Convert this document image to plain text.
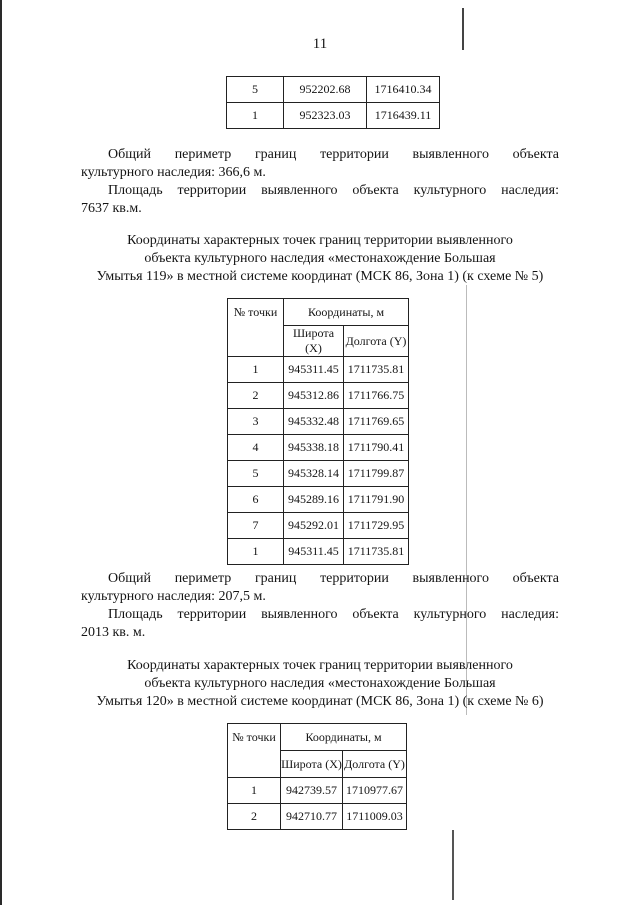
11
5	952202.68	1716410.34
1	952323.03	1716439.11

Общий периметр границ территории выявленного объекта

культурного наследия: 366,6 м.

Площадь территории выявленного объекта культурного наследия:

7637 кв.м.

Координаты характерных точек границ территории выявленного
объекта культурного наследия «местонахождение Большая
Умытья 119» в местной системе координат (МСК 86, Зона 1) (к схеме № 5)
№ точки	Координаты, м	
	Широта (X)	Долгота (Y)
1	945311.45	1711735.81
2	945312.86	1711766.75
3	945332.48	1711769.65
4	945338.18	1711790.41
5	945328.14	1711799.87
6	945289.16	1711791.90
7	945292.01	1711729.95
1	945311.45	1711735.81

Общий периметр границ территории выявленного объекта

культурного наследия: 207,5 м.

Площадь территории выявленного объекта культурного наследия:

2013 кв. м.

Координаты характерных точек границ территории выявленного
объекта культурного наследия «местонахождение Большая
Умытья 120» в местной системе координат (МСК 86, Зона 1) (к схеме № 6)
№ точки	Координаты, м	
	Широта (X)	Долгота (Y)
1	942739.57	1710977.67
2	942710.77	1711009.03
